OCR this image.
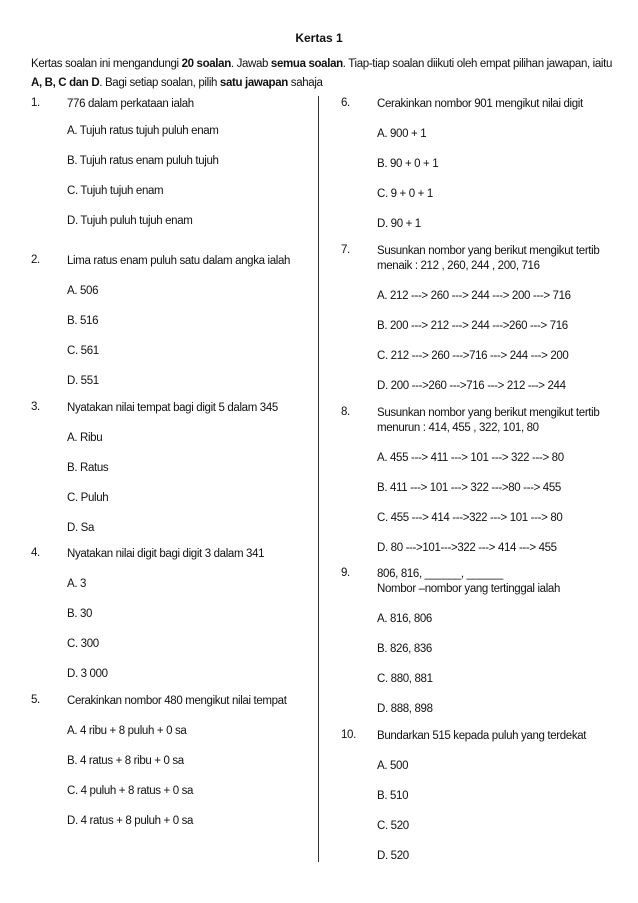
Kertas 1
Kertas soalan ini mengandungi 20 soalan. Jawab semua soalan. Tiap-tiap soalan diikuti oleh empat pilihan jawapan, iaitu A, B, C dan D. Bagi setiap soalan, pilih satu jawapan sahaja
1.	776 dalam perkataan ialah
A. Tujuh ratus tujuh puluh enam
B. Tujuh ratus enam puluh tujuh
C. Tujuh tujuh enam
D. Tujuh puluh tujuh enam
2.	Lima ratus enam puluh satu dalam angka ialah
A. 506
B. 516
C. 561
D. 551
3.	Nyatakan nilai tempat bagi digit 5 dalam 345
A. Ribu
B. Ratus
C. Puluh
D. Sa
4.	Nyatakan nilai digit bagi digit 3 dalam 341
A. 3
B. 30
C. 300
D. 3 000
5.	Cerakinkan nombor 480 mengikut nilai tempat
A. 4 ribu + 8 puluh + 0 sa
B. 4 ratus + 8 ribu + 0 sa
C. 4 puluh + 8 ratus + 0 sa
D. 4 ratus + 8 puluh + 0 sa
6.	Cerakinkan nombor 901 mengikut nilai digit
A. 900 + 1
B. 90 + 0 + 1
C. 9 + 0 + 1
D. 90 + 1
7.	Susunkan nombor yang berikut mengikut tertib
menaik : 212 , 260, 244 , 200, 716
A. 212 ---> 260 ---> 244 ---> 200 ---> 716
B. 200 ---> 212 ---> 244 --->260 ---> 716
C. 212 ---> 260 --->716 ---> 244 ---> 200
D. 200 --->260 --->716 ---> 212 ---> 244
8.	Susunkan nombor yang berikut mengikut tertib
menurun : 414, 455 , 322, 101, 80
A. 455 ---> 411 ---> 101 ---> 322 ---> 80
B. 411 ---> 101 ---> 322 --->80 ---> 455
C. 455 ---> 414 --->322 ---> 101 ---> 80
D. 80 --->101--->322 ---> 414 ---> 455
9.	806, 816, ______, ______
Nombor –nombor yang tertinggal ialah
A. 816, 806
B. 826, 836
C. 880, 881
D. 888, 898
10.	Bundarkan 515 kepada puluh yang terdekat
A. 500
B. 510
C. 520
D. 520
